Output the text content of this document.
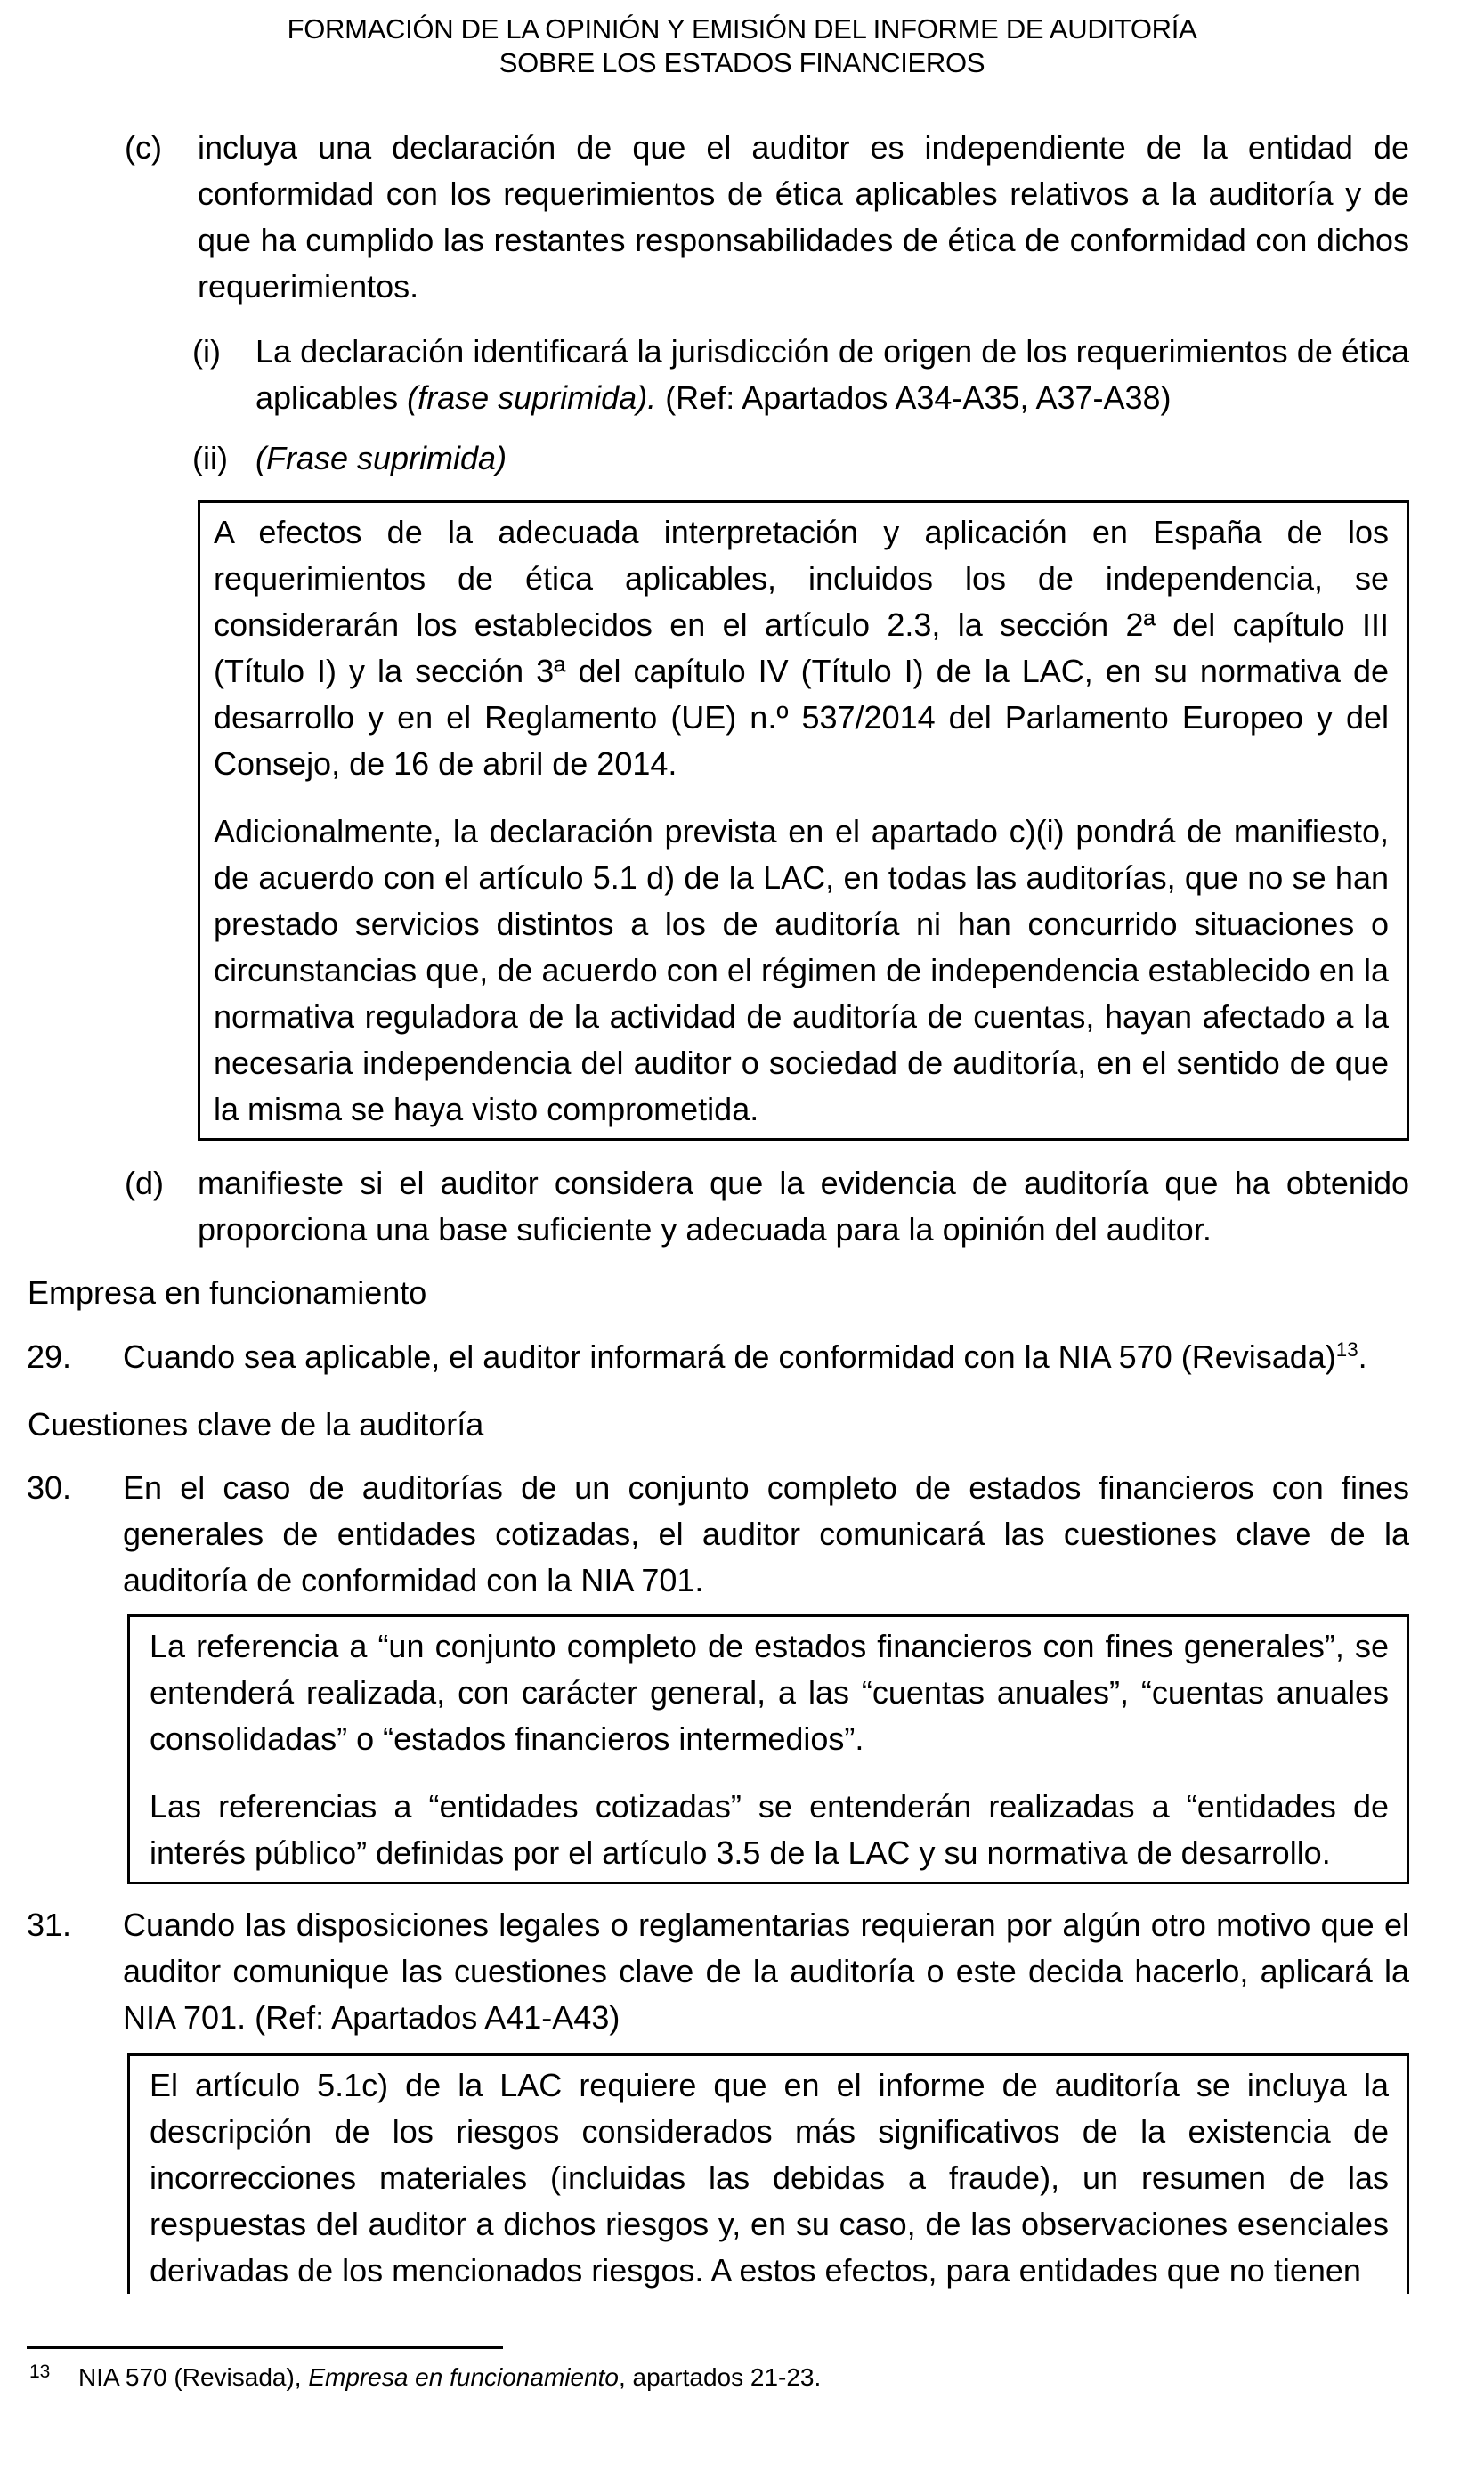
FORMACIÓN DE LA OPINIÓN Y EMISIÓN DEL INFORME DE AUDITORÍA
SOBRE LOS ESTADOS FINANCIEROS
(c) incluya una declaración de que el auditor es independiente de la entidad de conformidad con los requerimientos de ética aplicables relativos a la auditoría y de que ha cumplido las restantes responsabilidades de ética de conformidad con dichos requerimientos.
(i) La declaración identificará la jurisdicción de origen de los requerimientos de ética aplicables (frase suprimida). (Ref: Apartados A34-A35, A37-A38)
(ii) (Frase suprimida)
A efectos de la adecuada interpretación y aplicación en España de los requerimientos de ética aplicables, incluidos los de independencia, se considerarán los establecidos en el artículo 2.3, la sección 2ª del capítulo III (Título I) y la sección 3ª del capítulo IV (Título I) de la LAC, en su normativa de desarrollo y en el Reglamento (UE) n.º 537/2014 del Parlamento Europeo y del Consejo, de 16 de abril de 2014.
Adicionalmente, la declaración prevista en el apartado c)(i) pondrá de manifiesto, de acuerdo con el artículo 5.1 d) de la LAC, en todas las auditorías, que no se han prestado servicios distintos a los de auditoría ni han concurrido situaciones o circunstancias que, de acuerdo con el régimen de independencia establecido en la normativa reguladora de la actividad de auditoría de cuentas, hayan afectado a la necesaria independencia del auditor o sociedad de auditoría, en el sentido de que la misma se haya visto comprometida.
(d) manifieste si el auditor considera que la evidencia de auditoría que ha obtenido proporciona una base suficiente y adecuada para la opinión del auditor.
Empresa en funcionamiento
29. Cuando sea aplicable, el auditor informará de conformidad con la NIA 570 (Revisada)$^{13}$.
Cuestiones clave de la auditoría
30. En el caso de auditorías de un conjunto completo de estados financieros con fines generales de entidades cotizadas, el auditor comunicará las cuestiones clave de la auditoría de conformidad con la NIA 701.
La referencia a “un conjunto completo de estados financieros con fines generales”, se entenderá realizada, con carácter general, a las “cuentas anuales”, “cuentas anuales consolidadas” o “estados financieros intermedios”.
Las referencias a “entidades cotizadas” se entenderán realizadas a “entidades de interés público” definidas por el artículo 3.5 de la LAC y su normativa de desarrollo.
31. Cuando las disposiciones legales o reglamentarias requieran por algún otro motivo que el auditor comunique las cuestiones clave de la auditoría o este decida hacerlo, aplicará la NIA 701. (Ref: Apartados A41-A43)
El artículo 5.1c) de la LAC requiere que en el informe de auditoría se incluya la descripción de los riesgos considerados más significativos de la existencia de incorrecciones materiales (incluidas las debidas a fraude), un resumen de las respuestas del auditor a dichos riesgos y, en su caso, de las observaciones esenciales derivadas de los mencionados riesgos. A estos efectos, para entidades que no tienen
13 NIA 570 (Revisada), Empresa en funcionamiento, apartados 21-23.
